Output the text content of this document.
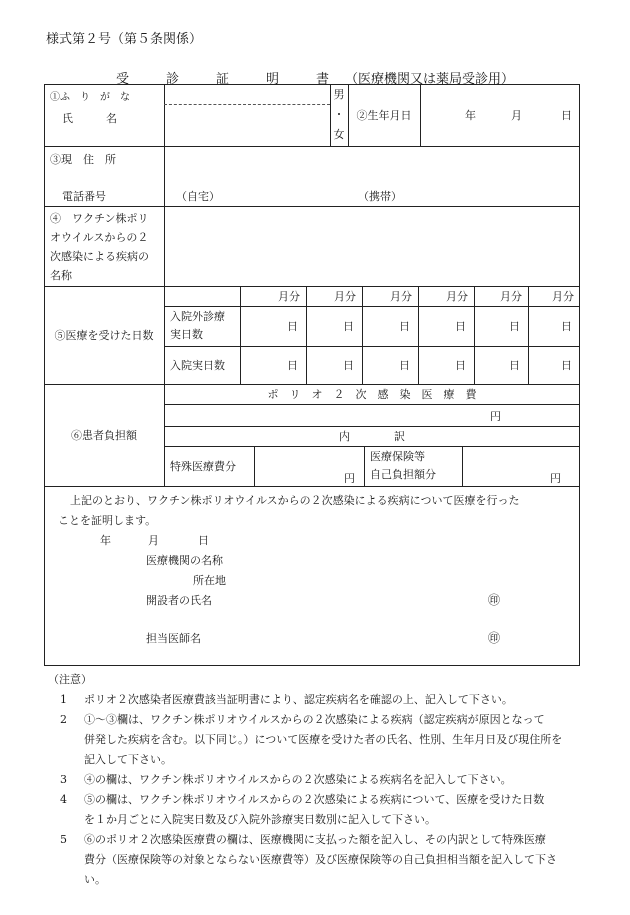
様式第２号（第５条関係）
受　診　証　明　書 （医療機関又は薬局受診用）
①ふ　り　が　な
氏　　　名
男
・
女
②生年月日	年	月	日
③現　住　所
電話番号	（自宅）	（携帯）
④　ワクチン株ポリ
オウイルスからの２
次感染による疾病の
名称
⑤医療を受けた日数
月分	月分	月分	月分	月分	月分
入院外診療
実日数
日	日	日	日	日	日
入院実日数	日	日	日	日	日	日
⑥患者負担額
ポ　リ　オ　２　次　感　染　医　療　費
円
内　　　　訳
特殊医療費分
円
医療保険等
自己負担額分	円
上記のとおり、ワクチン株ポリオウイルスからの２次感染による疾病について医療を行った
ことを証明します。
年	月	日
医療機関の名称
所在地
開設者の氏名	㊞
担当医師名	㊞
（注意）
1	ポリオ２次感染者医療費該当証明書により、認定疾病名を確認の上、記入して下さい。
2	①～③欄は、ワクチン株ポリオウイルスからの２次感染による疾病（認定疾病が原因となって
併発した疾病を含む。以下同じ。）について医療を受けた者の氏名、性別、生年月日及び現住所を
記入して下さい。
3	④の欄は、ワクチン株ポリオウイルスからの２次感染による疾病名を記入して下さい。
4	⑤の欄は、ワクチン株ポリオウイルスからの２次感染による疾病について、医療を受けた日数
を１か月ごとに入院実日数及び入院外診療実日数別に記入して下さい。
5	⑥のポリオ２次感染医療費の欄は、医療機関に支払った額を記入し、その内訳として特殊医療
費分（医療保険等の対象とならない医療費等）及び医療保険等の自己負担相当額を記入して下さ
い。
